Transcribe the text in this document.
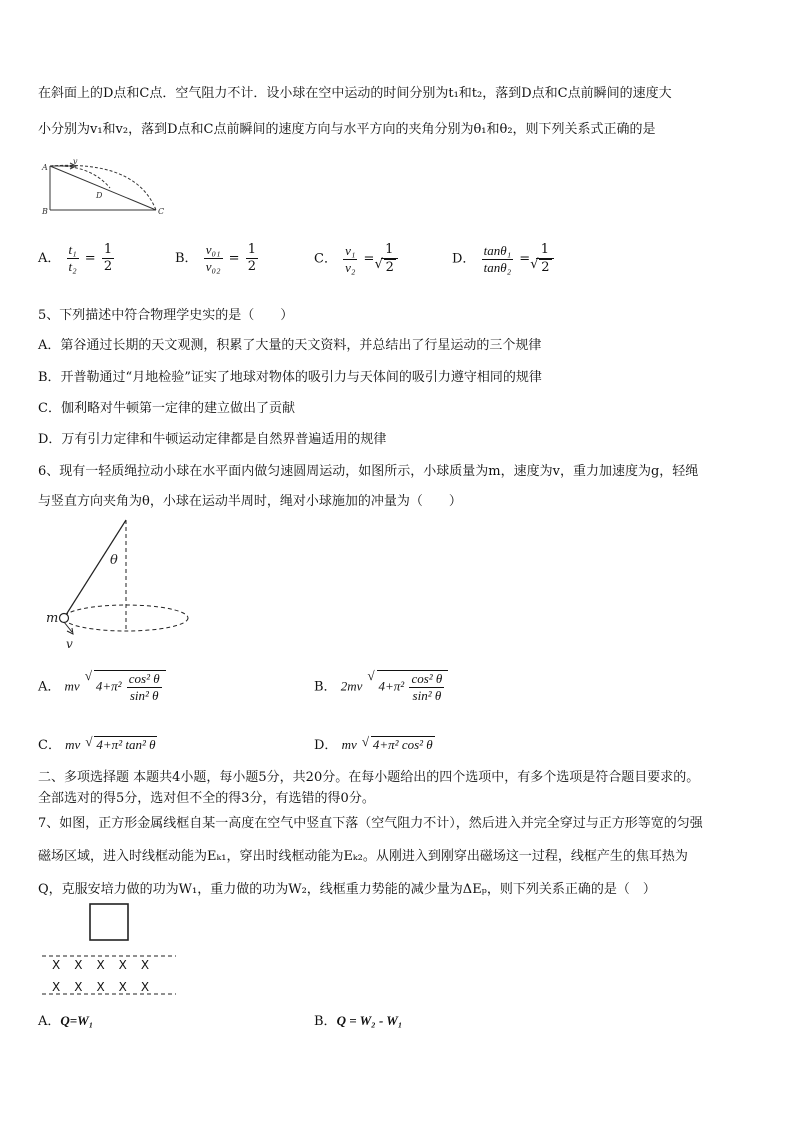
在斜面上的D点和C点．空气阻力不计．设小球在空中运动的时间分别为t₁和t₂，落到D点和C点前瞬间的速度大
小分别为v₁和v₂，落到D点和C点前瞬间的速度方向与水平方向的夹角分别为θ₁和θ₂，则下列关系式正确的是
A
v
D
B	C
A． $\frac{\text{t₁}}{\text{t₂}} = \frac{1}{2}$	B． $\frac{\text{v₀₁}}{\text{v₀₂}} = \frac{1}{2}$	C． $\frac{\text{v₁}}{\text{v₂}} = 1$
√ 2	D． $\frac{\text{tanθ₁}}{\text{tanθ₂}} = 1$
√ 2
5、下列描述中符合物理学史实的是（　　）
A．第谷通过长期的天文观测，积累了大量的天文资料，并总结出了行星运动的三个规律
B．开普勒通过“月地检验”证实了地球对物体的吸引力与天体间的吸引力遵守相同的规律
C．伽利略对牛顿第一定律的建立做出了贡献
D．万有引力定律和牛顿运动定律都是自然界普遍适用的规律
6、现有一轻质绳拉动小球在水平面内做匀速圆周运动，如图所示，小球质量为m，速度为v，重力加速度为g，轻绳
与竖直方向夹角为θ，小球在运动半周时，绳对小球施加的冲量为（　　）
θ
m
v
A． mv √ $4+\pi^2 \frac{\text{cos² θ}}{\text{sin² θ}}$	B． 2mv √ $4+\pi^2 \frac{\text{cos² θ}}{\text{sin² θ}}$
C． mv √ 4+π² tan² θ	D． mv √ 4+π² cos² θ
二、多项选择题 本题共4小题，每小题5分，共20分。在每小题给出的四个选项中，有多个选项是符合题目要求的。
全部选对的得5分，选对但不全的得3分，有选错的得0分。
7、如图，正方形金属线框自某一高度在空气中竖直下落（空气阻力不计），然后进入并完全穿过与正方形等宽的匀强
磁场区域，进入时线框动能为Eₖ₁，穿出时线框动能为Eₖ₂。从刚进入到刚穿出磁场这一过程，线框产生的焦耳热为
Q，克服安培力做的功为W₁，重力做的功为W₂，线框重力势能的减少量为ΔEₚ，则下列关系正确的是（　）
X　X　X　X　X
X　X　X　X　X
A．Q=W₁	B．Q = W₂ - W₁
